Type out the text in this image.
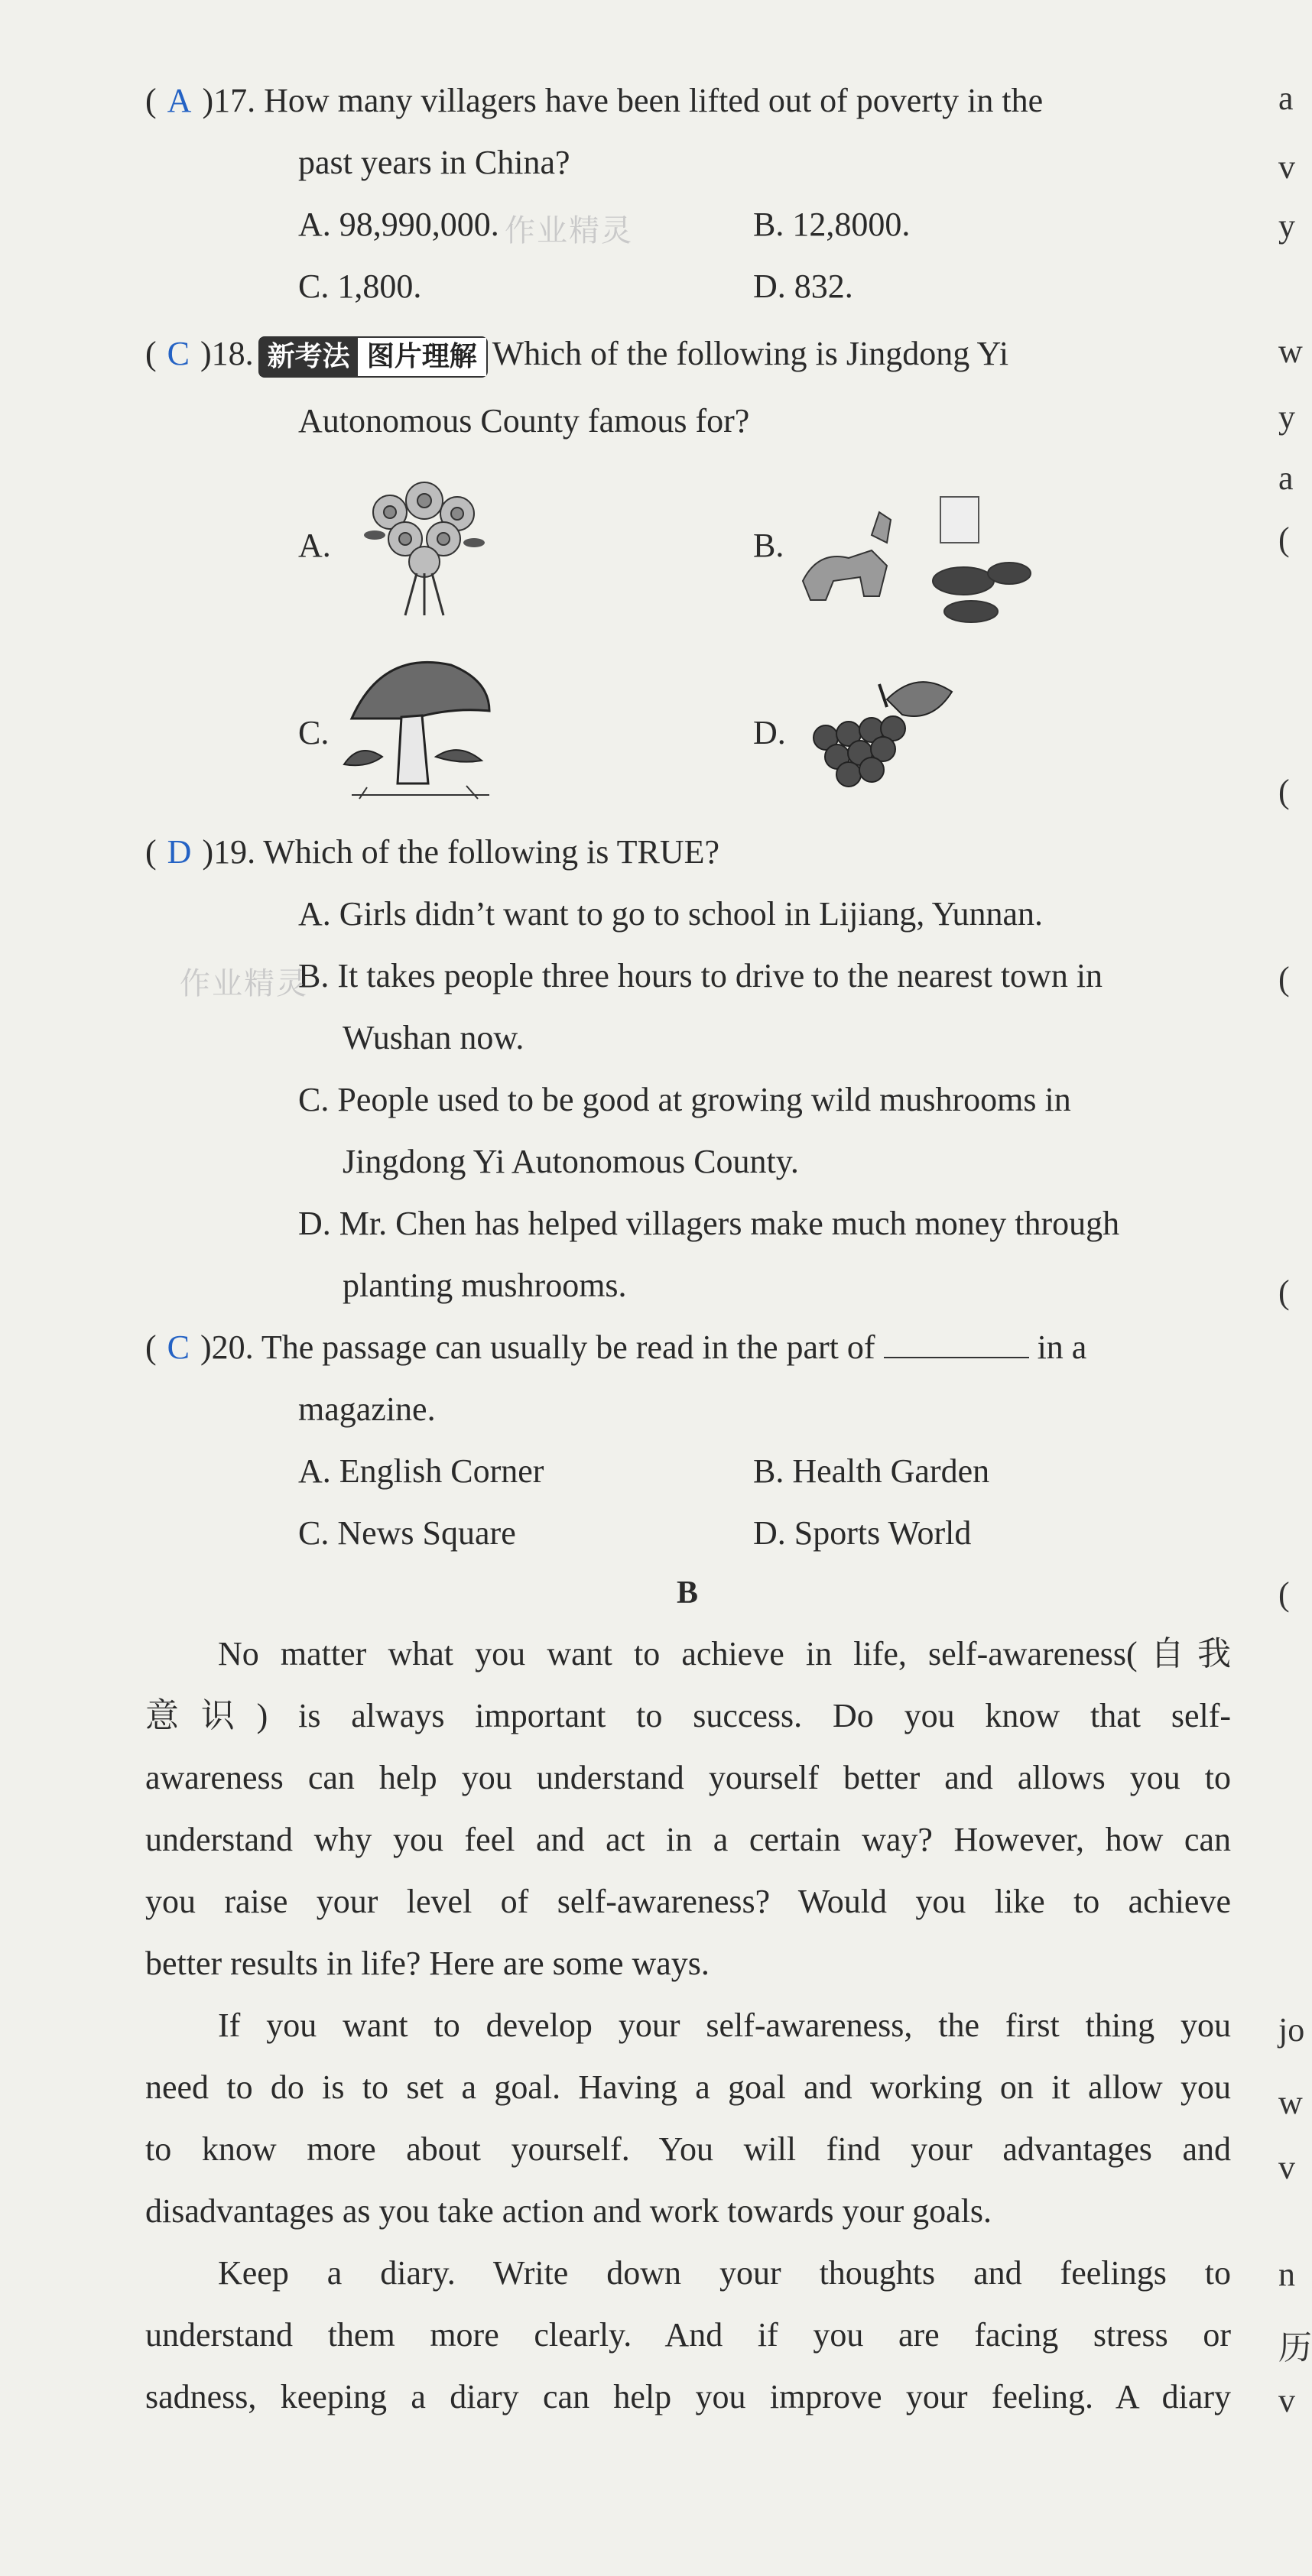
( A )17. How many villagers have been lifted out of poverty in the
past years in China?
A. 98,990,000.	B. 12,8000.
C. 1,800.	D. 832.
作业精灵
( C )18. 新考法 图片理解 Which of the following is Jingdong Yi
Autonomous County famous for?
A.	B.
C.	D.
( D )19. Which of the following is TRUE?
A. Girls didn’t want to go to school in Lijiang, Yunnan.
B. It takes people three hours to drive to the nearest town in
作业精灵
Wushan now.
C. People used to be good at growing wild mushrooms in
Jingdong Yi Autonomous County.
D. Mr. Chen has helped villagers make much money through
planting mushrooms.
( C )20. The passage can usually be read in the part of	in a
magazine.
A. English Corner	B. Health Garden
C. News Square	D. Sports World
B
No matter what you want to achieve in life, self-awareness(自我
意识) is always important to success. Do you know that self-
awareness can help you understand yourself better and allows you to
understand why you feel and act in a certain way? However, how can
you raise your level of self-awareness? Would you like to achieve
better results in life? Here are some ways.
If you want to develop your self-awareness, the first thing you
need to do is to set a goal. Having a goal and working on it allow you
to know more about yourself. You will find your advantages and
disadvantages as you take action and work towards your goals.
Keep a diary. Write down your thoughts and feelings to
understand them more clearly. And if you are facing stress or
sadness, keeping a diary can help you improve your feeling. A diary
a
v
y
w
y
a
(
(
(
(
(
jo
w
v
n
历
v
